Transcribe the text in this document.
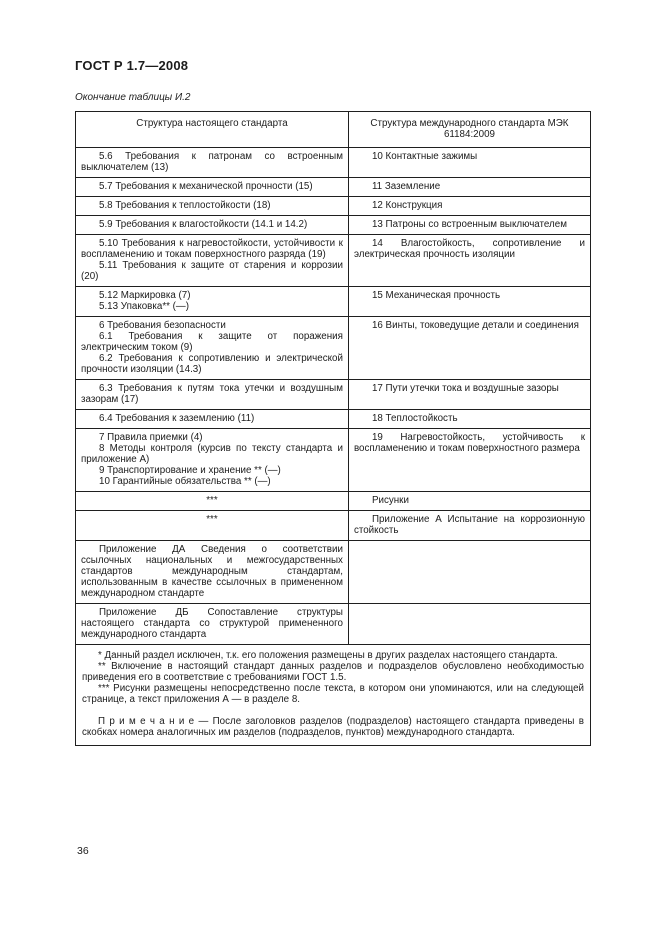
ГОСТ Р 1.7—2008
Окончание таблицы И.2
Структура настоящего стандарта	Структура международного стандарта МЭК 61184:2009

5.6 Требования к патронам со встроенным выключателем (13)	10 Контактные зажимы

5.7 Требования к механической прочности (15)	11 Заземление

5.8 Требования к теплостойкости (18)	12 Конструкция

5.9 Требования к влагостойкости (14.1 и 14.2)	13 Патроны со встроенным выключателем

5.10 Требования к нагревостойкости, устойчивости к воспламенению и токам поверхностного разряда (19)
5.11 Требования к защите от старения и коррозии (20)	14 Влагостойкость, сопротивление и электрическая прочность изоляции

5.12 Маркировка (7)
5.13 Упаковка** (—)	15 Механическая прочность

6 Требования безопасности
6.1 Требования к защите от поражения электрическим током (9)
6.2 Требования к сопротивлению и электрической прочности изоляции (14.3)	16 Винты, токоведущие детали и соединения

6.3 Требования к путям тока утечки и воздушным зазорам (17)	17 Пути утечки тока и воздушные зазоры

6.4 Требования к заземлению (11)	18 Теплостойкость

7 Правила приемки (4)
8 Методы контроля (курсив по тексту стандарта и приложение А)
9 Транспортирование и хранение ** (—)
10 Гарантийные обязательства ** (—)	19 Нагревостойкость, устойчивость к воспламенению и токам поверхностного размера

***	Рисунки

***	Приложение А Испытание на коррозионную стойкость

Приложение ДА Сведения о соответствии ссылочных национальных и межгосударственных стандартов международным стандартам, использованным в качестве ссылочных в примененном международном стандарте	

Приложение ДБ Сопоставление структуры настоящего стандарта со структурой примененного международного стандарта	

* Данный раздел исключен, т.к. его положения размещены в других разделах настоящего стандарта.
** Включение в настоящий стандарт данных разделов и подразделов обусловлено необходимостью приведения его в соответствие с требованиями ГОСТ 1.5.
*** Рисунки размещены непосредственно после текста, в котором они упоминаются, или на следующей странице, а текст приложения А — в разделе 8.
П р и м е ч а н и е — После заголовков разделов (подразделов) настоящего стандарта приведены в скобках номера аналогичных им разделов (подразделов, пунктов) международного стандарта.	
36
